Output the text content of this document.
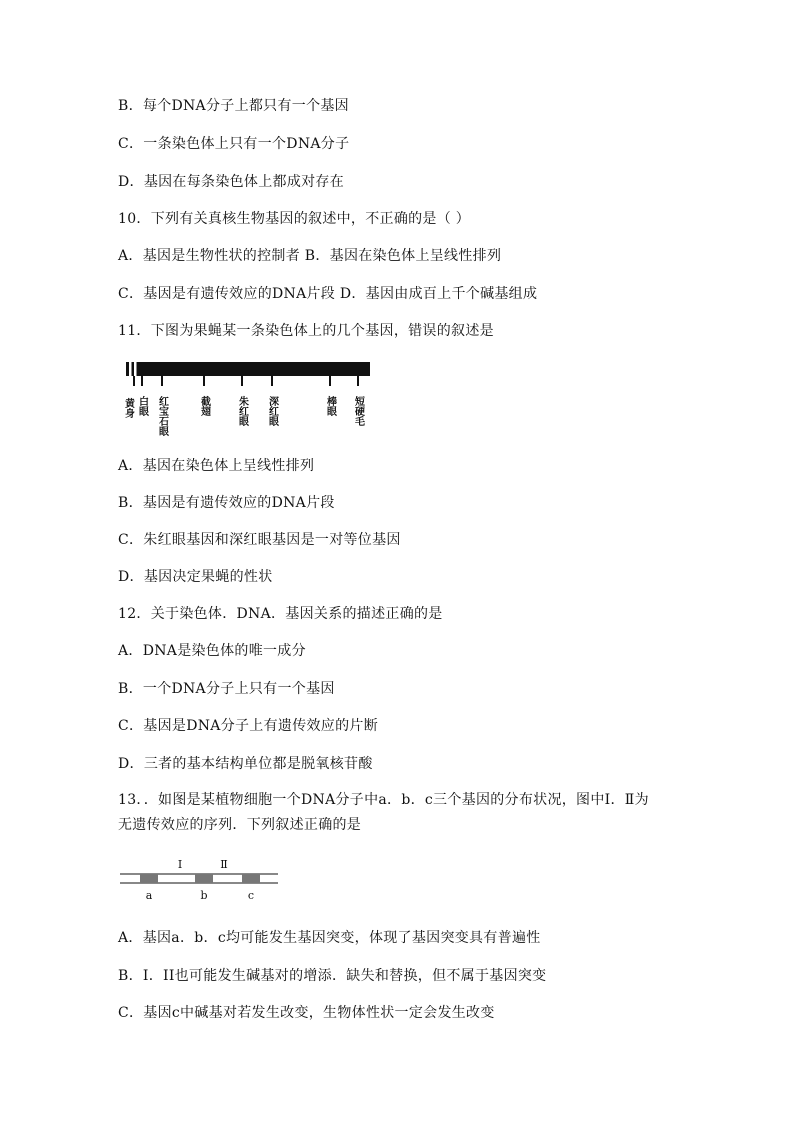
B．每个DNA分子上都只有一个基因
C．一条染色体上只有一个DNA分子
D．基因在每条染色体上都成对存在
10．下列有关真核生物基因的叙述中，不正确的是（ ）
A．基因是生物性状的控制者 B．基因在染色体上呈线性排列
C．基因是有遗传效应的DNA片段 D．基因由成百上千个碱基组成
11．下图为果蝇某一条染色体上的几个基因，错误的叙述是
黄身 白眼 红宝石眼	截翅	朱红眼 深红眼	棒眼 短硬毛
A．基因在染色体上呈线性排列
B．基因是有遗传效应的DNA片段
C．朱红眼基因和深红眼基因是一对等位基因
D．基因决定果蝇的性状
12．关于染色体．DNA．基因关系的描述正确的是
A．DNA是染色体的唯一成分
B．一个DNA分子上只有一个基因
C．基因是DNA分子上有遗传效应的片断
D．三者的基本结构单位都是脱氧核苷酸
13．．如图是某植物细胞一个DNA分子中a．b．c三个基因的分布状况，图中Ⅰ．Ⅱ为
无遗传效应的序列．下列叙述正确的是
Ⅰ	Ⅱ
a	b	c
A．基因a．b．c均可能发生基因突变，体现了基因突变具有普遍性
B．I．II也可能发生碱基对的增添．缺失和替换，但不属于基因突变
C．基因c中碱基对若发生改变，生物体性状一定会发生改变
